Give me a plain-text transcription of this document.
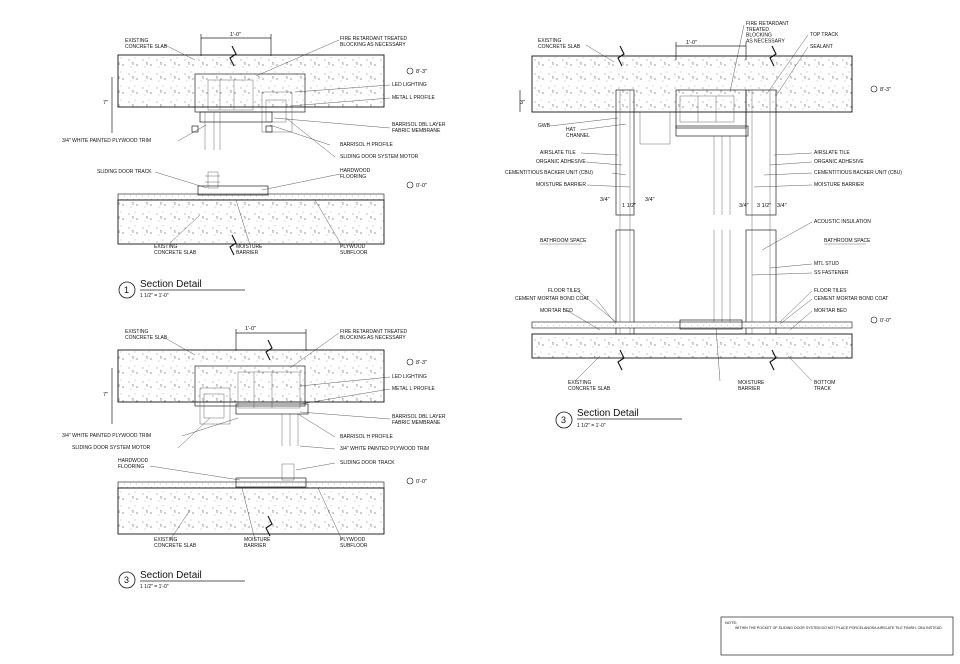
1'-0"
7"
8'-3"
0'-0"
EXISTING CONCRETE SLAB
FIRE RETARDANT TREATED BLOCKING AS NECESSARY
LED LIGHTING
METAL L PROFILE
BARRISOL DBL LAYER FABRIC MEMBRANE
3/4" WHITE PAINTED PLYWOOD TRIM
BARRISOL H PROFILE
SLIDING DOOR SYSTEM MOTOR
SLIDING DOOR TRACK	HARDWOOD FLOORING
EXISTING CONCRETE SLAB
MOISTURE BARRIER
PLYWOOD SUBFLOOR
1 Section Detail
1 1/2" = 1'-0"
1'-0"
7"
8'-3"
0'-0"
EXISTING CONCRETE SLAB
FIRE RETARDANT TREATED BLOCKING AS NECESSARY
LED LIGHTING
METAL L PROFILE
BARRISOL DBL LAYER FABRIC MEMBRANE
3/4" WHITE PAINTED PLYWOOD TRIM
SLIDING DOOR SYSTEM MOTOR
BARRISOL H PROFILE
3/4" WHITE PAINTED PLYWOOD TRIM
HARDWOOD FLOORING
SLIDING DOOR TRACK
EXISTING CONCRETE SLAB
MOISTURE BARRIER
PLYWOOD SUBFLOOR
3 Section Detail
1 1/2" = 1'-0"
1'-0"
3"
3/4"
1 1/2"
3/4"
3/4" 3 1/2" 3/4"
8'-3"
0'-0"
EXISTING CONCRETE SLAB
FIRE RETARDANT TREATED BLOCKING AS NECESSARY
TOP TRACK
SEALANT
GWB
HAT CHANNEL
AIRSLATE TILE
ORGANIC ADHESIVE
CEMENTITIOUS BACKER UNIT (CBU)
MOISTURE BARRIER
AIRSLATE TILE
ORGANIC ADHESIVE
CEMENTITIOUS BACKER UNIT (CBU)
MOISTURE BARRIER
ACOUSTIC INSULATION
BATHROOM SPACE	BATHROOM SPACE
MTL STUD
SS FASTENER
FLOOR TILES
CEMENT MORTAR BOND COAT
MORTAR BED
FLOOR TILES
CEMENT MORTAR BOND COAT
MORTAR BED
EXISTING CONCRETE SLAB
MOISTURE BARRIER
BOTTOM TRACK
3
Section Detail
1 1/2" = 1'-0"
NOTE:
WITHIN THE POCKET OF SLIDING DOOR SYSTEM DO NOT PLACE PORCELANOSA AIRSLATE TILE FINISH, CBU INSTEAD
